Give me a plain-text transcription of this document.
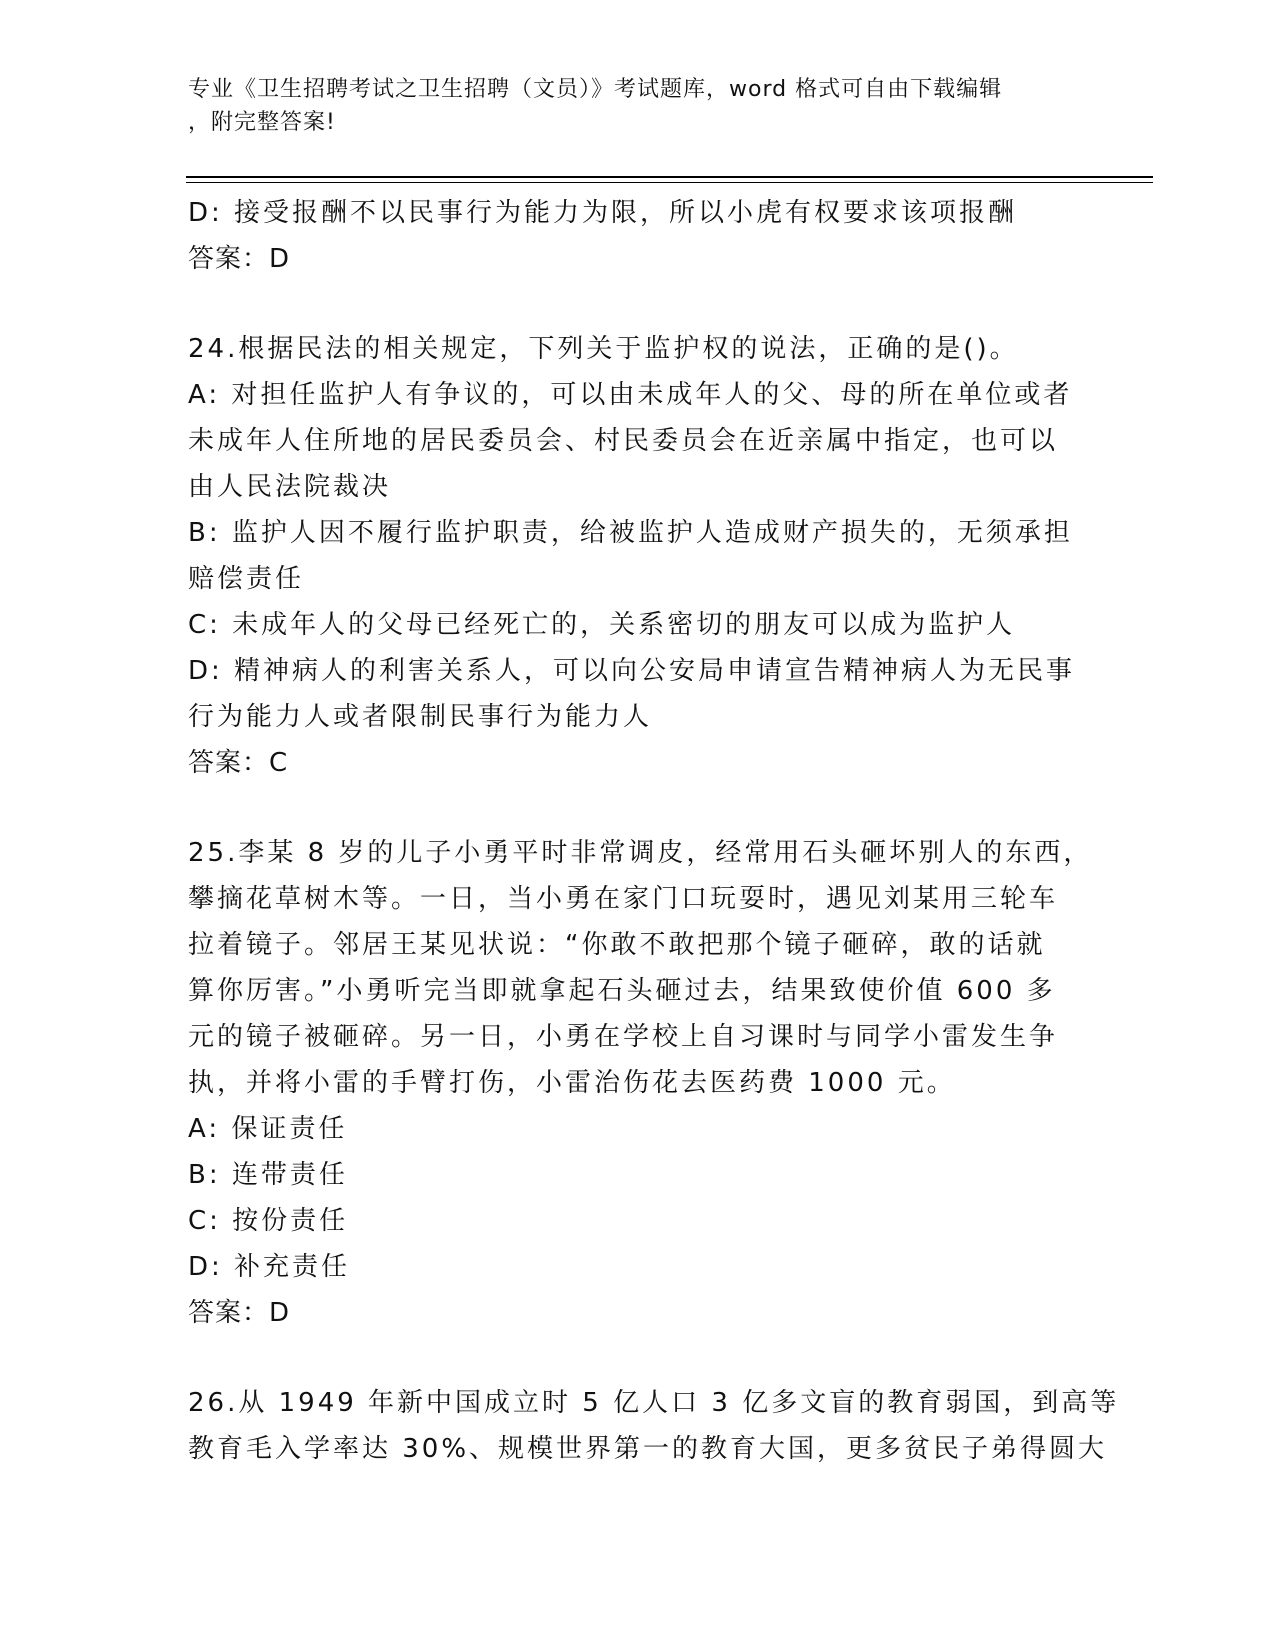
专业《卫生招聘考试之卫生招聘（文员）》考试题库，word 格式可自由下载编辑
，附完整答案!
D: 接受报酬不以民事行为能力为限，所以小虎有权要求该项报酬
答案：D
24.根据民法的相关规定，下列关于监护权的说法，正确的是()。
A: 对担任监护人有争议的，可以由未成年人的父、母的所在单位或者
未成年人住所地的居民委员会、村民委员会在近亲属中指定，也可以
由人民法院裁决
B: 监护人因不履行监护职责，给被监护人造成财产损失的，无须承担
赔偿责任
C: 未成年人的父母已经死亡的，关系密切的朋友可以成为监护人
D: 精神病人的利害关系人，可以向公安局申请宣告精神病人为无民事
行为能力人或者限制民事行为能力人
答案：C
25.李某 8 岁的儿子小勇平时非常调皮，经常用石头砸坏别人的东西，
攀摘花草树木等。一日，当小勇在家门口玩耍时，遇见刘某用三轮车
拉着镜子。邻居王某见状说：“你敢不敢把那个镜子砸碎，敢的话就
算你厉害。”小勇听完当即就拿起石头砸过去，结果致使价值 600 多
元的镜子被砸碎。另一日，小勇在学校上自习课时与同学小雷发生争
执，并将小雷的手臂打伤，小雷治伤花去医药费 1000 元。
A: 保证责任
B: 连带责任
C: 按份责任
D: 补充责任
答案：D
26.从 1949 年新中国成立时 5 亿人口 3 亿多文盲的教育弱国，到高等
教育毛入学率达 30%、规模世界第一的教育大国，更多贫民子弟得圆大
